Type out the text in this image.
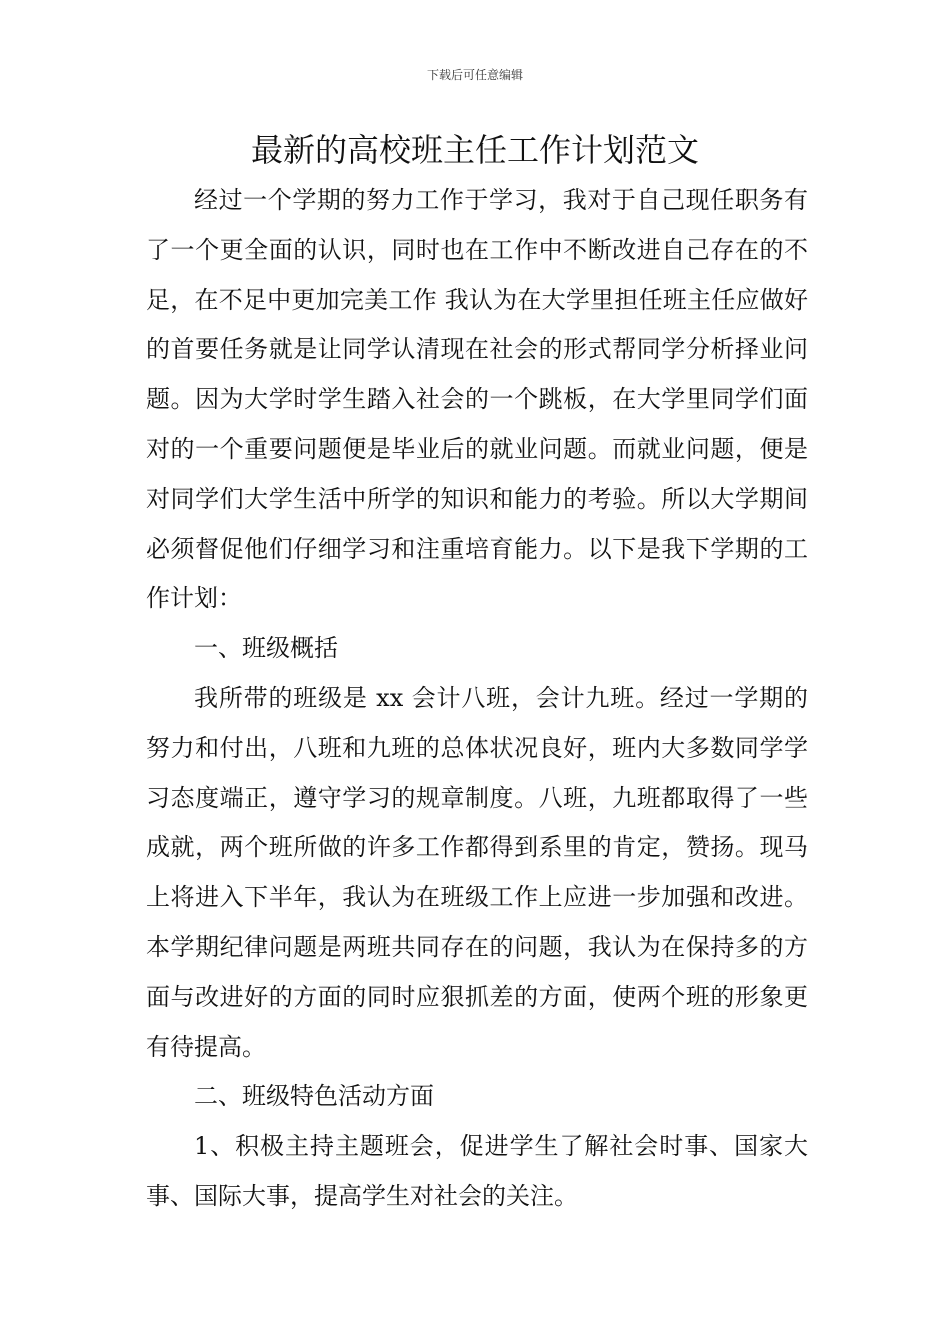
下载后可任意编辑
最新的高校班主任工作计划范文

经过一个学期的努力工作于学习，我对于自己现任职务有了一个更全面的认识，同时也在工作中不断改进自己存在的不足，在不足中更加完美工作 我认为在大学里担任班主任应做好的首要任务就是让同学认清现在社会的形式帮同学分析择业问题。因为大学时学生踏入社会的一个跳板，在大学里同学们面对的一个重要问题便是毕业后的就业问题。而就业问题，便是对同学们大学生活中所学的知识和能力的考验。所以大学期间必须督促他们仔细学习和注重培育能力。以下是我下学期的工作计划：

一、班级概括

我所带的班级是 xx 会计八班，会计九班。经过一学期的努力和付出，八班和九班的总体状况良好，班内大多数同学学习态度端正，遵守学习的规章制度。八班，九班都取得了一些成就，两个班所做的许多工作都得到系里的肯定，赞扬。现马上将进入下半年，我认为在班级工作上应进一步加强和改进。本学期纪律问题是两班共同存在的问题，我认为在保持多的方面与改进好的方面的同时应狠抓差的方面，使两个班的形象更有待提高。

二、班级特色活动方面

1、积极主持主题班会，促进学生了解社会时事、国家大事、国际大事，提高学生对社会的关注。
